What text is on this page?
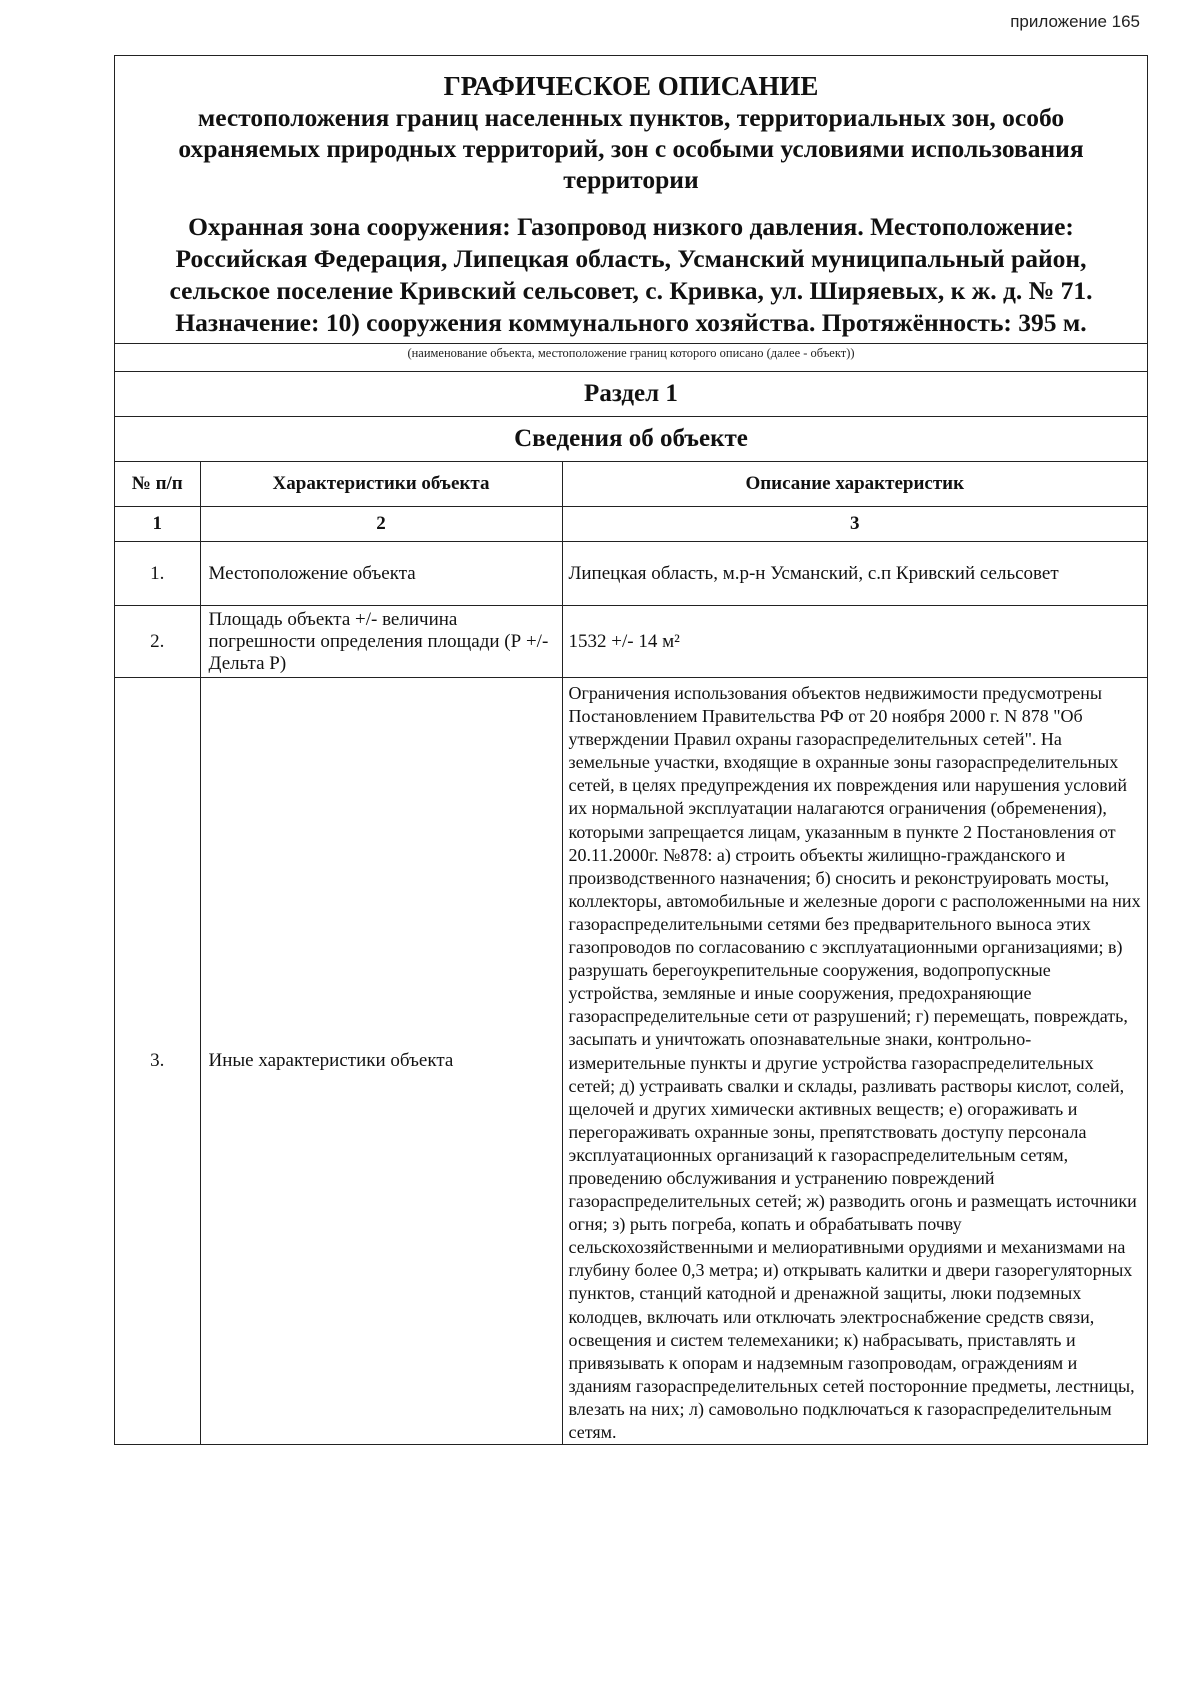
приложение 165
ГРАФИЧЕСКОЕ ОПИСАНИЕ
местоположения границ населенных пунктов, территориальных зон, особо охраняемых природных территорий, зон с особыми условиями использования территории
Охранная зона сооружения: Газопровод низкого давления. Местоположение: Российская Федерация, Липецкая область, Усманский муниципальный район, сельское поселение Кривский сельсовет, с. Кривка, ул. Ширяевых, к ж. д. № 71. Назначение: 10) сооружения коммунального хозяйства. Протяжённость: 395 м.
(наименование объекта, местоположение границ которого описано (далее - объект))
Раздел 1
Сведения об объекте
№ п/п	Характеристики объекта	Описание характеристик
1	2	3
1.	Местоположение объекта	Липецкая область, м.р-н Усманский, с.п Кривский сельсовет
2.	Площадь объекта +/- величина погрешности определения площади (Р +/- Дельта Р)	1532 +/- 14 м²
3.	Иные характеристики объекта	Ограничения использования объектов недвижимости предусмотрены Постановлением Правительства РФ от 20 ноября 2000 г. N 878 "Об утверждении Правил охраны газораспределительных сетей". На земельные участки, входящие в охранные зоны газораспределительных сетей, в целях предупреждения их повреждения или нарушения условий их нормальной эксплуатации налагаются ограничения (обременения), которыми запрещается лицам, указанным в пункте 2 Постановления от 20.11.2000г. №878: а) строить объекты жилищно-гражданского и производственного назначения; б) сносить и реконструировать мосты, коллекторы, автомобильные и железные дороги с расположенными на них газораспределительными сетями без предварительного выноса этих газопроводов по согласованию с эксплуатационными организациями; в) разрушать берегоукрепительные сооружения, водопропускные устройства, земляные и иные сооружения, предохраняющие газораспределительные сети от разрушений; г) перемещать, повреждать, засыпать и уничтожать опознавательные знаки, контрольно-измерительные пункты и другие устройства газораспределительных сетей; д) устраивать свалки и склады, разливать растворы кислот, солей, щелочей и других химически активных веществ; е) огораживать и перегораживать охранные зоны, препятствовать доступу персонала эксплуатационных организаций к газораспределительным сетям, проведению обслуживания и устранению повреждений газораспределительных сетей; ж) разводить огонь и размещать источники огня; з) рыть погреба, копать и обрабатывать почву сельскохозяйственными и мелиоративными орудиями и механизмами на глубину более 0,3 метра; и) открывать калитки и двери газорегуляторных пунктов, станций катодной и дренажной защиты, люки подземных колодцев, включать или отключать электроснабжение средств связи, освещения и систем телемеханики; к) набрасывать, приставлять и привязывать к опорам и надземным газопроводам, ограждениям и зданиям газораспределительных сетей посторонние предметы, лестницы, влезать на них; л) самовольно подключаться к газораспределительным сетям.
